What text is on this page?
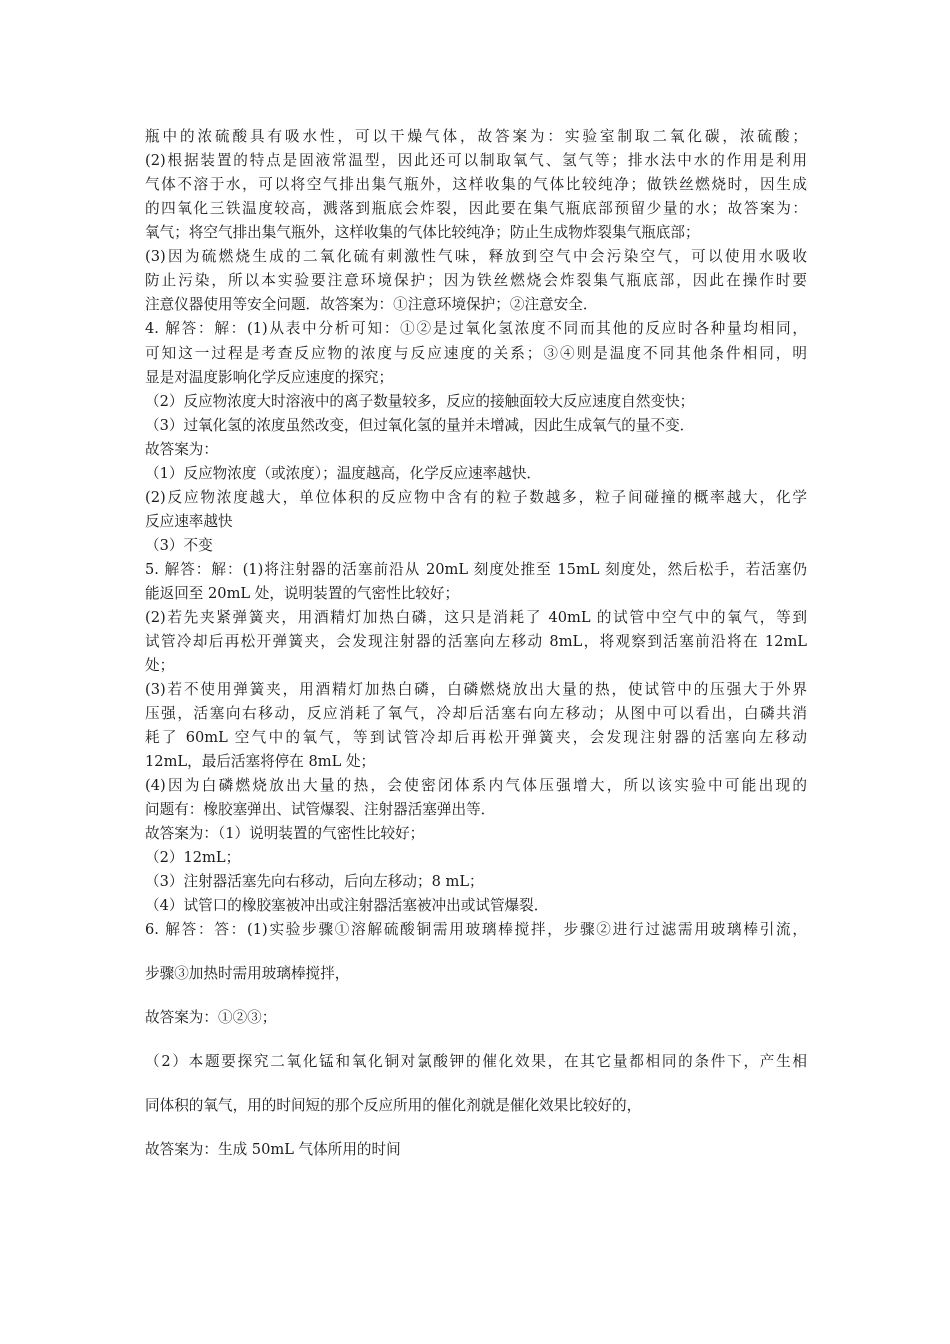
瓶中的浓硫酸具有吸水性，可以干燥气体，故答案为：实验室制取二氧化碳，浓硫酸；
(2)根据装置的特点是固液常温型，因此还可以制取氧气、氢气等；排水法中水的作用是利用
气体不溶于水，可以将空气排出集气瓶外，这样收集的气体比较纯净；做铁丝燃烧时，因生成
的四氧化三铁温度较高，溅落到瓶底会炸裂，因此要在集气瓶底部预留少量的水；故答案为：
氧气；将空气排出集气瓶外，这样收集的气体比较纯净；防止生成物炸裂集气瓶底部；
(3)因为硫燃烧生成的二氧化硫有刺激性气味，释放到空气中会污染空气，可以使用水吸收
防止污染，所以本实验要注意环境保护；因为铁丝燃烧会炸裂集气瓶底部，因此在操作时要
注意仪器使用等安全问题．故答案为：①注意环境保护；②注意安全．
4. 解答：解：(1)从表中分析可知：①②是过氧化氢浓度不同而其他的反应时各种量均相同，
可知这一过程是考查反应物的浓度与反应速度的关系；③④则是温度不同其他条件相同，明
显是对温度影响化学反应速度的探究；
（2）反应物浓度大时溶液中的离子数量较多，反应的接触面较大反应速度自然变快；
（3）过氧化氢的浓度虽然改变，但过氧化氢的量并未增减，因此生成氧气的量不变．
故答案为：
（1）反应物浓度（或浓度）；温度越高，化学反应速率越快．
(2)反应物浓度越大，单位体积的反应物中含有的粒子数越多，粒子间碰撞的概率越大，化学
反应速率越快
（3）不变
5. 解答：解：(1)将注射器的活塞前沿从 20mL 刻度处推至 15mL 刻度处，然后松手，若活塞仍
能返回至 20mL 处，说明装置的气密性比较好；
(2)若先夹紧弹簧夹，用酒精灯加热白磷，这只是消耗了 40mL 的试管中空气中的氧气，等到
试管冷却后再松开弹簧夹，会发现注射器的活塞向左移动 8mL，将观察到活塞前沿将在 12mL
处；
(3)若不使用弹簧夹，用酒精灯加热白磷，白磷燃烧放出大量的热，使试管中的压强大于外界
压强，活塞向右移动，反应消耗了氧气，冷却后活塞右向左移动；从图中可以看出，白磷共消
耗了 60mL 空气中的氧气，等到试管冷却后再松开弹簧夹，会发现注射器的活塞向左移动
12mL，最后活塞将停在 8mL 处；
(4)因为白磷燃烧放出大量的热，会使密闭体系内气体压强增大，所以该实验中可能出现的
问题有：橡胶塞弹出、试管爆裂、注射器活塞弹出等．
故答案为：（1）说明装置的气密性比较好；
（2）12mL；
（3）注射器活塞先向右移动，后向左移动；8 mL；
（4）试管口的橡胶塞被冲出或注射器活塞被冲出或试管爆裂．
6. 解答：答：(1)实验步骤①溶解硫酸铜需用玻璃棒搅拌，步骤②进行过滤需用玻璃棒引流，
步骤③加热时需用玻璃棒搅拌，
故答案为：①②③；
（2）本题要探究二氧化锰和氧化铜对氯酸钾的催化效果，在其它量都相同的条件下，产生相
同体积的氧气，用的时间短的那个反应所用的催化剂就是催化效果比较好的，
故答案为：生成 50mL 气体所用的时间
